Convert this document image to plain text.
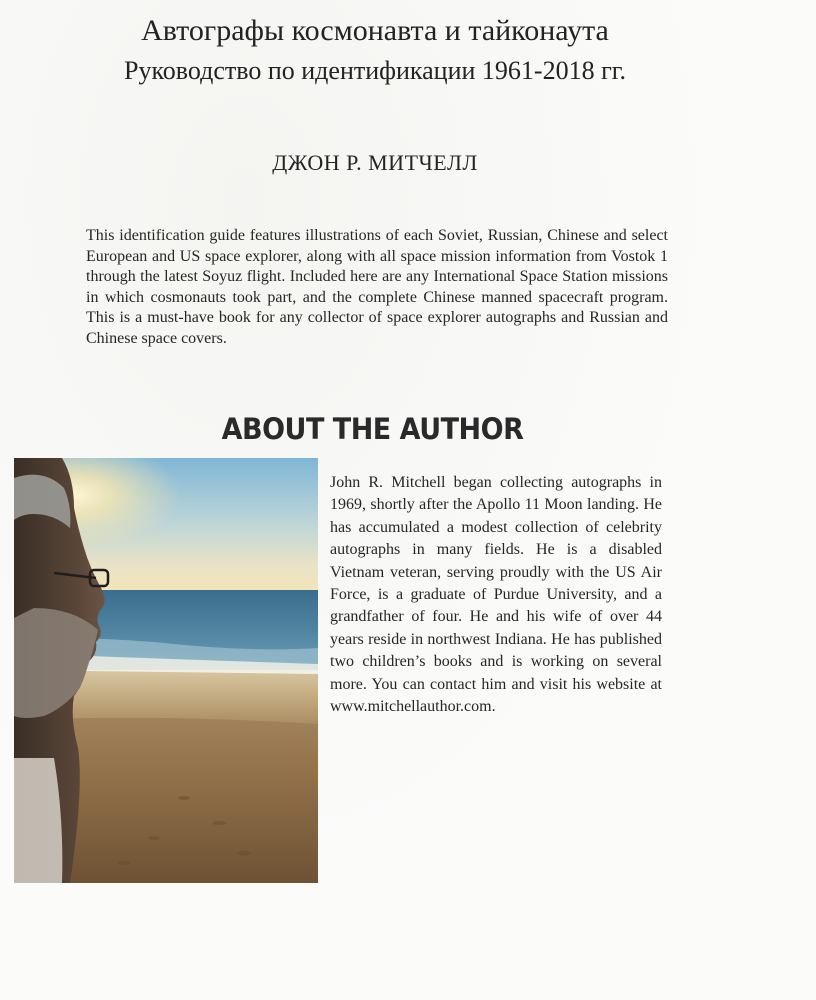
Автографы космонавта и тайконаута
Руководство по идентификации 1961-2018 гг.
ДЖОН Р. МИТЧЕЛЛ

This identification guide features illustrations of each Soviet, Russian, Chinese and select European and US space explorer, along with all space mission information from Vostok 1 through the latest Soyuz flight. Included here are any International Space Station missions in which cosmonauts took part, and the complete Chinese manned spacecraft program. This is a must-have book for any collector of space explorer autographs and Russian and Chinese space covers.

ABOUT THE AUTHOR

John R. Mitchell began collecting autographs in 1969, shortly after the Apollo 11 Moon landing. He has accumulated a modest collection of celebrity autographs in many fields. He is a disabled Vietnam veteran, serving proudly with the US Air Force, is a graduate of Purdue University, and a grandfather of four. He and his wife of over 44 years reside in northwest Indiana. He has published two children’s books and is working on several more. You can contact him and visit his website at www.mitchellauthor.com.
